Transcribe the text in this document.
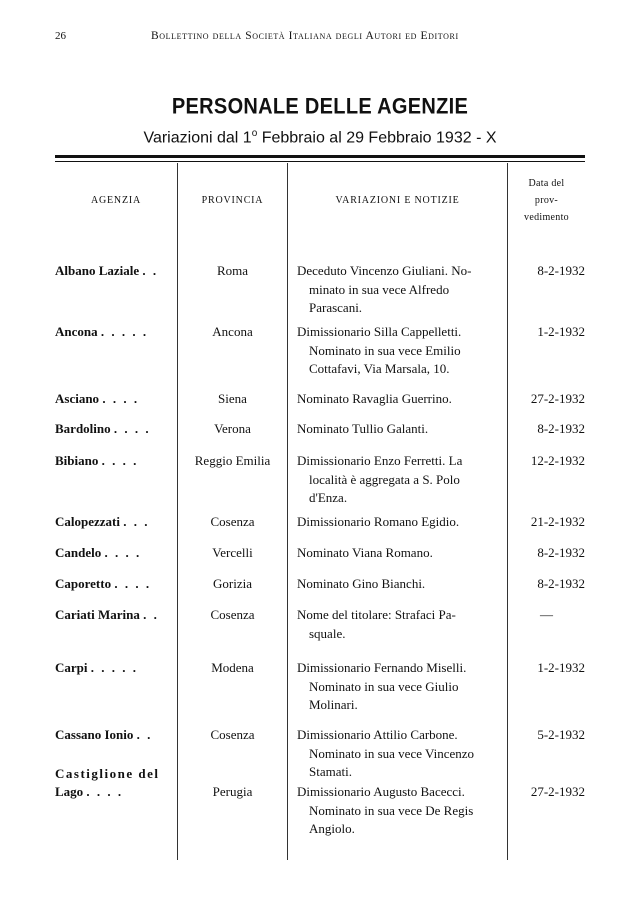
26	Bollettino della Società Italiana degli Autori ed Editori
PERSONALE DELLE AGENZIE
Variazioni dal 1$^o$ Febbraio al 29 Febbraio 1932 - X
AGENZIA	PROVINCIA	VARIAZIONI E NOTIZIE
Data del
prov-
vedimento
Albano Laziale . .	Roma	Deceduto Vincenzo Giuliani. No-
minato in sua vece Alfredo
Parascani.
8-2-1932
Ancona . . . . .	Ancona	Dimissionario Silla Cappelletti.
Nominato in sua vece Emilio
Cottafavi, Via Marsala, 10.
1-2-1932
Asciano . . . .	Siena	Nominato Ravaglia Guerrino.	27-2-1932
Bardolino . . . .	Verona	Nominato Tullio Galanti.	8-2-1932
Bibiano . . . .	Reggio Emilia	Dimissionario Enzo Ferretti. La
località è aggregata a S. Polo
d'Enza.
12-2-1932
Calopezzati . . .	Cosenza	Dimissionario Romano Egidio.	21-2-1932
Candelo . . . .	Vercelli	Nominato Viana Romano.	8-2-1932
Caporetto . . . .	Gorizia	Nominato Gino Bianchi.	8-2-1932
Cariati Marina . .	Cosenza	Nome del titolare: Strafaci Pa-
squale.
—
Carpi . . . . .	Modena	Dimissionario Fernando Miselli.
Nominato in sua vece Giulio
Molinari.
1-2-1932
Cassano Ionio . .	Cosenza	Dimissionario Attilio Carbone.
Nominato in sua vece Vincenzo
Stamati.
5-2-1932
Castiglione del
Lago . . . .	Perugia	Dimissionario Augusto Bacecci.
Nominato in sua vece De Regis
Angiolo.
27-2-1932
